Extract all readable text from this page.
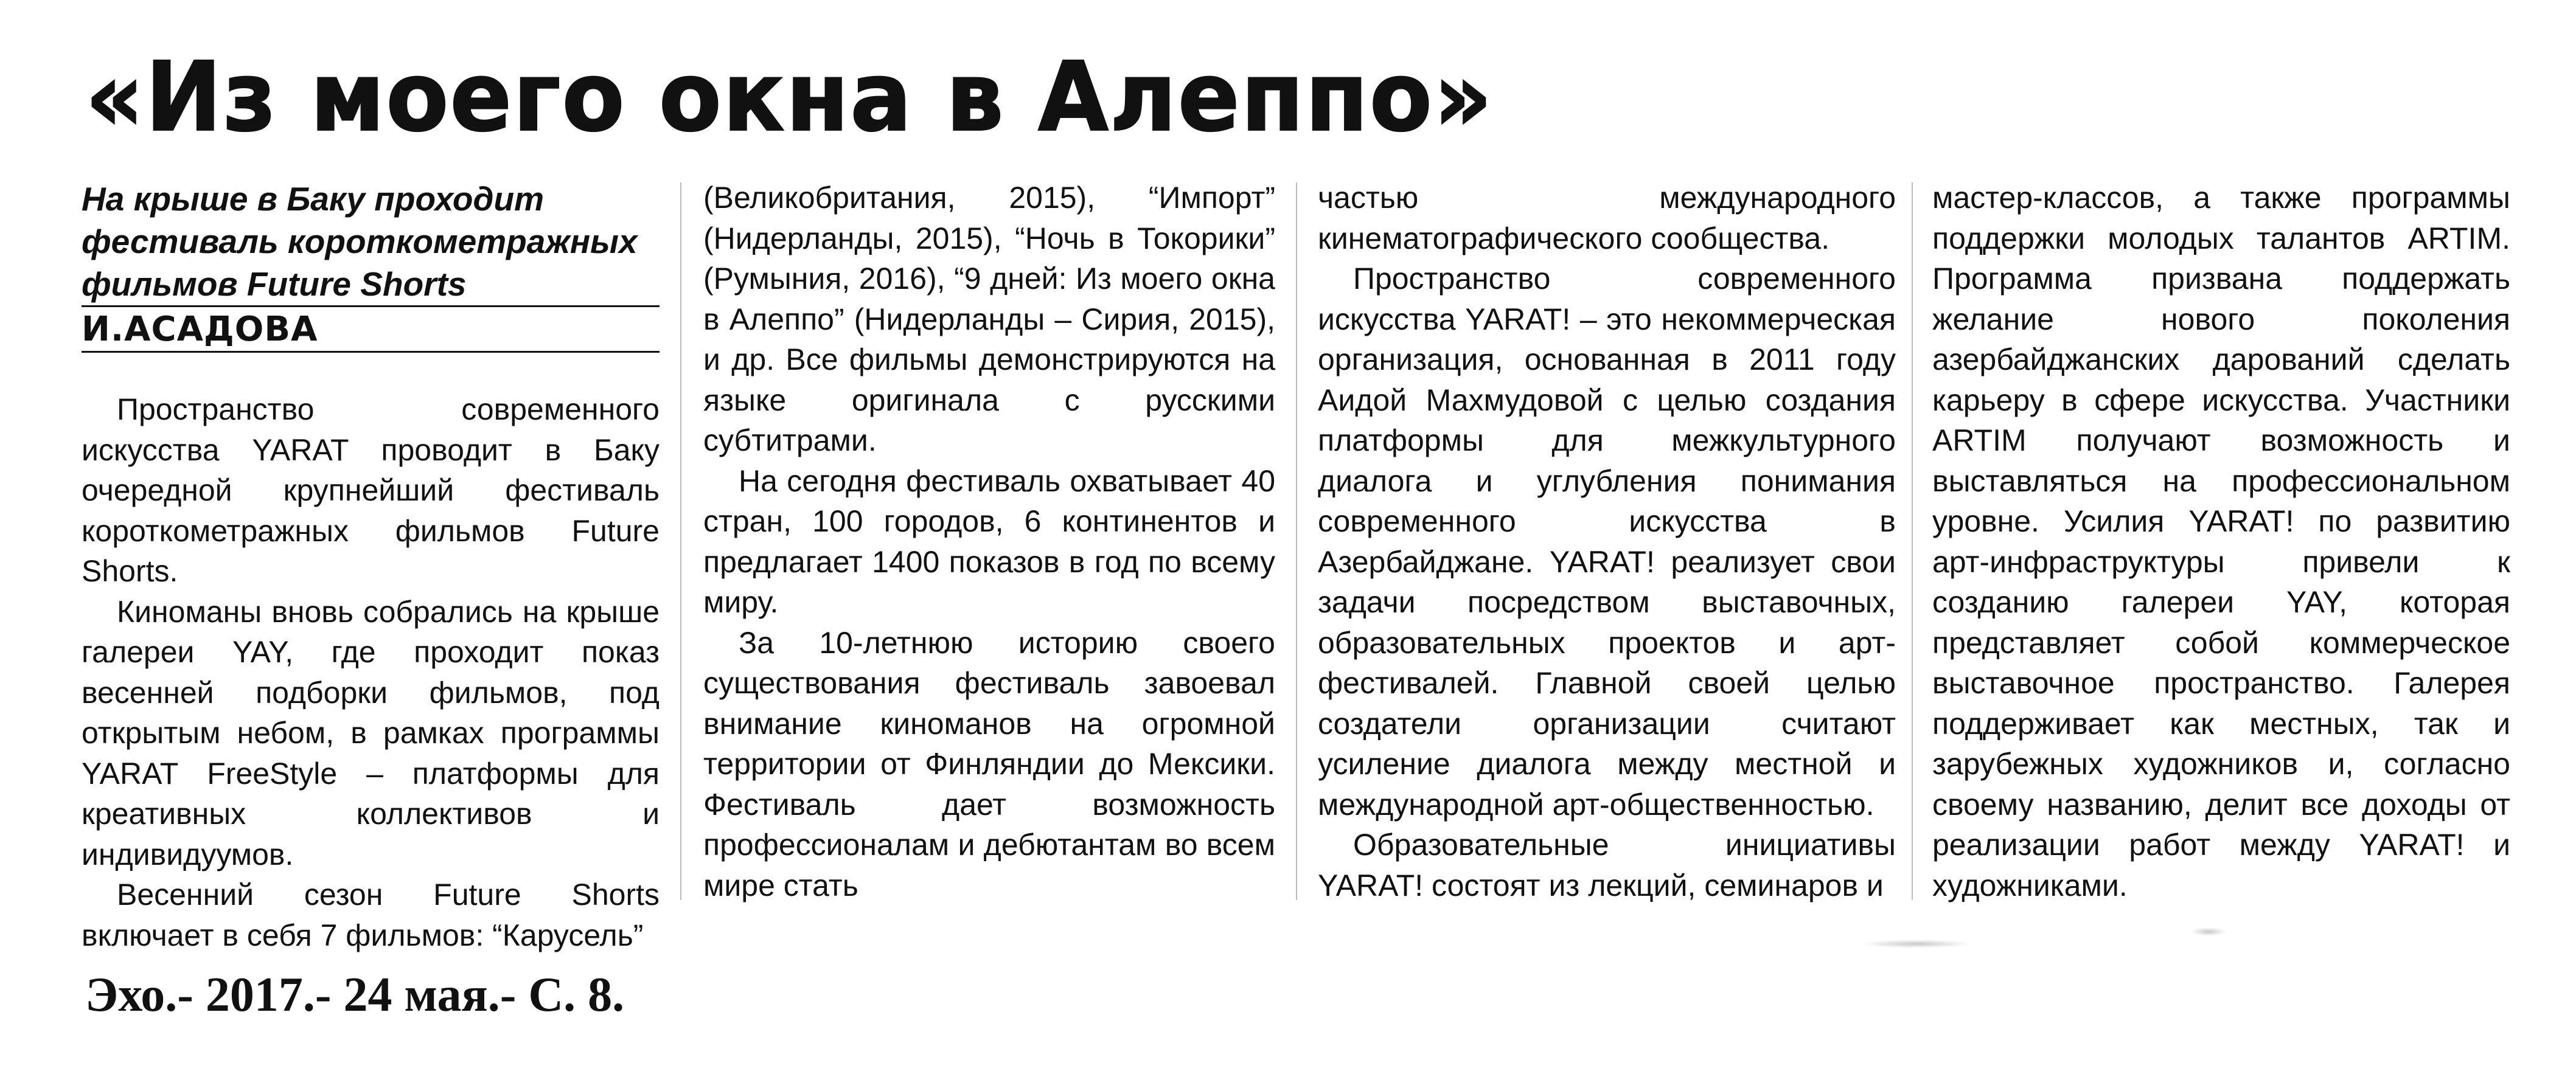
«Из моего окна в Алеппо»

На крыше в Баку проходит фестиваль короткометражных фильмов Future Shorts

И.АСАДОВА

Пространство современного искусства YARAT проводит в Баку очередной крупнейший фестиваль короткометражных фильмов Future Shorts.

Киноманы вновь собрались на крыше галереи YAY, где проходит показ весенней подборки фильмов, под открытым небом, в рамках программы YARAT FreeStyle – платформы для креативных коллективов и индивидуумов.

Весенний сезон Future Shorts включает в себя 7 фильмов: “Карусель”

(Великобритания, 2015), “Импорт” (Нидерланды, 2015), “Ночь в Токорики” (Румыния, 2016), “9 дней: Из моего окна в Алеппо” (Нидерланды – Сирия, 2015), и др. Все фильмы демонстрируются на языке оригинала с русскими субтитрами.

На сегодня фестиваль охватывает 40 стран, 100 городов, 6 континентов и предлагает 1400 показов в год по всему миру.

За 10-летнюю историю своего существования фестиваль завоевал внимание киноманов на огромной территории от Финляндии до Мексики. Фестиваль дает возможность профессионалам и дебютантам во всем мире стать

частью международного кинематографического сообщества.

Пространство современного искусства YARAT! – это некоммерческая организация, основанная в 2011 году Аидой Махмудовой с целью создания платформы для межкультурного диалога и углубления понимания современного искусства в Азербайджане. YARAT! реализует свои задачи посредством выставочных, образовательных проектов и арт-фестивалей. Главной своей целью создатели организации считают усиление диалога между местной и международной арт-общественностью.

Образовательные инициативы YARAT! состоят из лекций, семинаров и

мастер-классов, а также программы поддержки молодых талантов ARTIM. Программа призвана поддержать желание нового поколения азербайджанских дарований сделать карьеру в сфере искусства. Участники ARTIM получают возможность и выставляться на профессиональном уровне. Усилия YARAT! по развитию арт-инфраструктуры привели к созданию галереи YAY, которая представляет собой коммерческое выставочное пространство. Галерея поддерживает как местных, так и зарубежных художников и, согласно своему названию, делит все доходы от реализации работ между YARAT! и художниками.

Эхо.- 2017.- 24 мая.- С. 8.
